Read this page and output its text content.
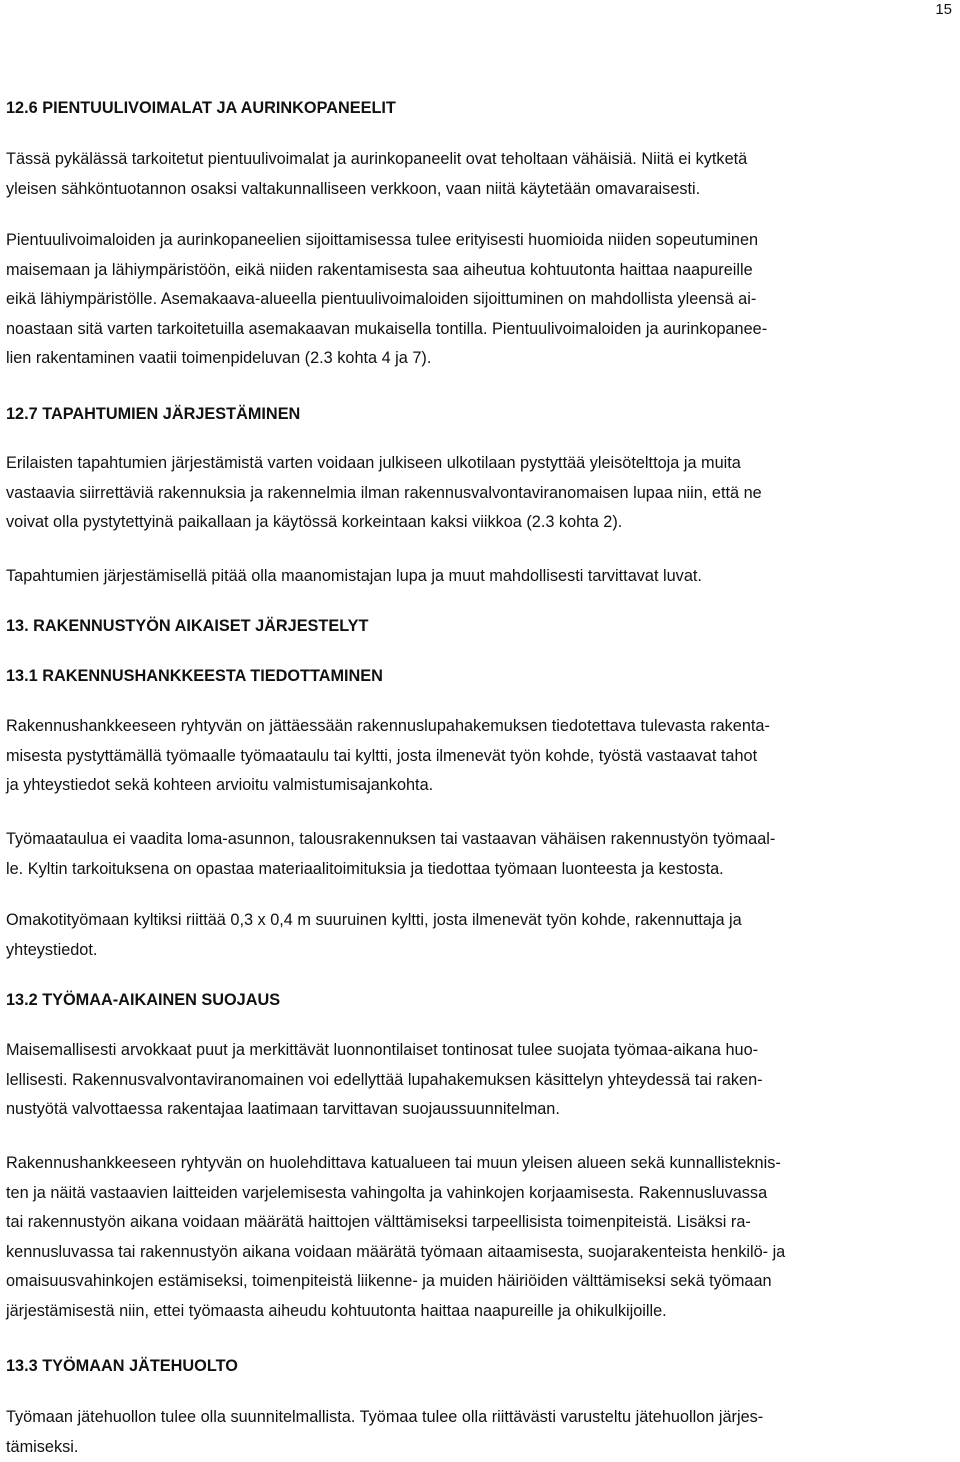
15
12.6 PIENTUULIVOIMALAT JA AURINKOPANEELIT

Tässä pykälässä tarkoitetut pientuulivoimalat ja aurinkopaneelit ovat teholtaan vähäisiä. Niitä ei kytketä
yleisen sähköntuotannon osaksi valtakunnalliseen verkkoon, vaan niitä käytetään omavaraisesti.

Pientuulivoimaloiden ja aurinkopaneelien sijoittamisessa tulee erityisesti huomioida niiden sopeutuminen
maisemaan ja lähiympäristöön, eikä niiden rakentamisesta saa aiheutua kohtuutonta haittaa naapureille
eikä lähiympäristölle. Asemakaava-alueella pientuulivoimaloiden sijoittuminen on mahdollista yleensä ai-
noastaan sitä varten tarkoitetuilla asemakaavan mukaisella tontilla. Pientuulivoimaloiden ja aurinkopanee-
lien rakentaminen vaatii toimenpideluvan (2.3 kohta 4 ja 7).

12.7 TAPAHTUMIEN JÄRJESTÄMINEN

Erilaisten tapahtumien järjestämistä varten voidaan julkiseen ulkotilaan pystyttää yleisötelttoja ja muita
vastaavia siirrettäviä rakennuksia ja rakennelmia ilman rakennusvalvontaviranomaisen lupaa niin, että ne
voivat olla pystytettyinä paikallaan ja käytössä korkeintaan kaksi viikkoa (2.3 kohta 2).

Tapahtumien järjestämisellä pitää olla maanomistajan lupa ja muut mahdollisesti tarvittavat luvat.

13. RAKENNUSTYÖN AIKAISET JÄRJESTELYT
13.1 RAKENNUSHANKKEESTA TIEDOTTAMINEN

Rakennushankkeeseen ryhtyvän on jättäessään rakennuslupahakemuksen tiedotettava tulevasta rakenta-
misesta pystyttämällä työmaalle työmaataulu tai kyltti, josta ilmenevät työn kohde, työstä vastaavat tahot
ja yhteystiedot sekä kohteen arvioitu valmistumisajankohta.

Työmaataulua ei vaadita loma-asunnon, talousrakennuksen tai vastaavan vähäisen rakennustyön työmaal-
le. Kyltin tarkoituksena on opastaa materiaalitoimituksia ja tiedottaa työmaan luonteesta ja kestosta.

Omakotityömaan kyltiksi riittää 0,3 x 0,4 m suuruinen kyltti, josta ilmenevät työn kohde, rakennuttaja ja
yhteystiedot.

13.2 TYÖMAA-AIKAINEN SUOJAUS

Maisemallisesti arvokkaat puut ja merkittävät luonnontilaiset tontinosat tulee suojata työmaa-aikana huo-
lellisesti. Rakennusvalvontaviranomainen voi edellyttää lupahakemuksen käsittelyn yhteydessä tai raken-
nustyötä valvottaessa rakentajaa laatimaan tarvittavan suojaussuunnitelman.

Rakennushankkeeseen ryhtyvän on huolehdittava katualueen tai muun yleisen alueen sekä kunnallisteknis-
ten ja näitä vastaavien laitteiden varjelemisesta vahingolta ja vahinkojen korjaamisesta. Rakennusluvassa
tai rakennustyön aikana voidaan määrätä haittojen välttämiseksi tarpeellisista toimenpiteistä. Lisäksi ra-
kennusluvassa tai rakennustyön aikana voidaan määrätä työmaan aitaamisesta, suojarakenteista henkilö- ja
omaisuusvahinkojen estämiseksi, toimenpiteistä liikenne- ja muiden häiriöiden välttämiseksi sekä työmaan
järjestämisestä niin, ettei työmaasta aiheudu kohtuutonta haittaa naapureille ja ohikulkijoille.

13.3 TYÖMAAN JÄTEHUOLTO

Työmaan jätehuollon tulee olla suunnitelmallista. Työmaa tulee olla riittävästi varusteltu jätehuollon järjes-
tämiseksi.
